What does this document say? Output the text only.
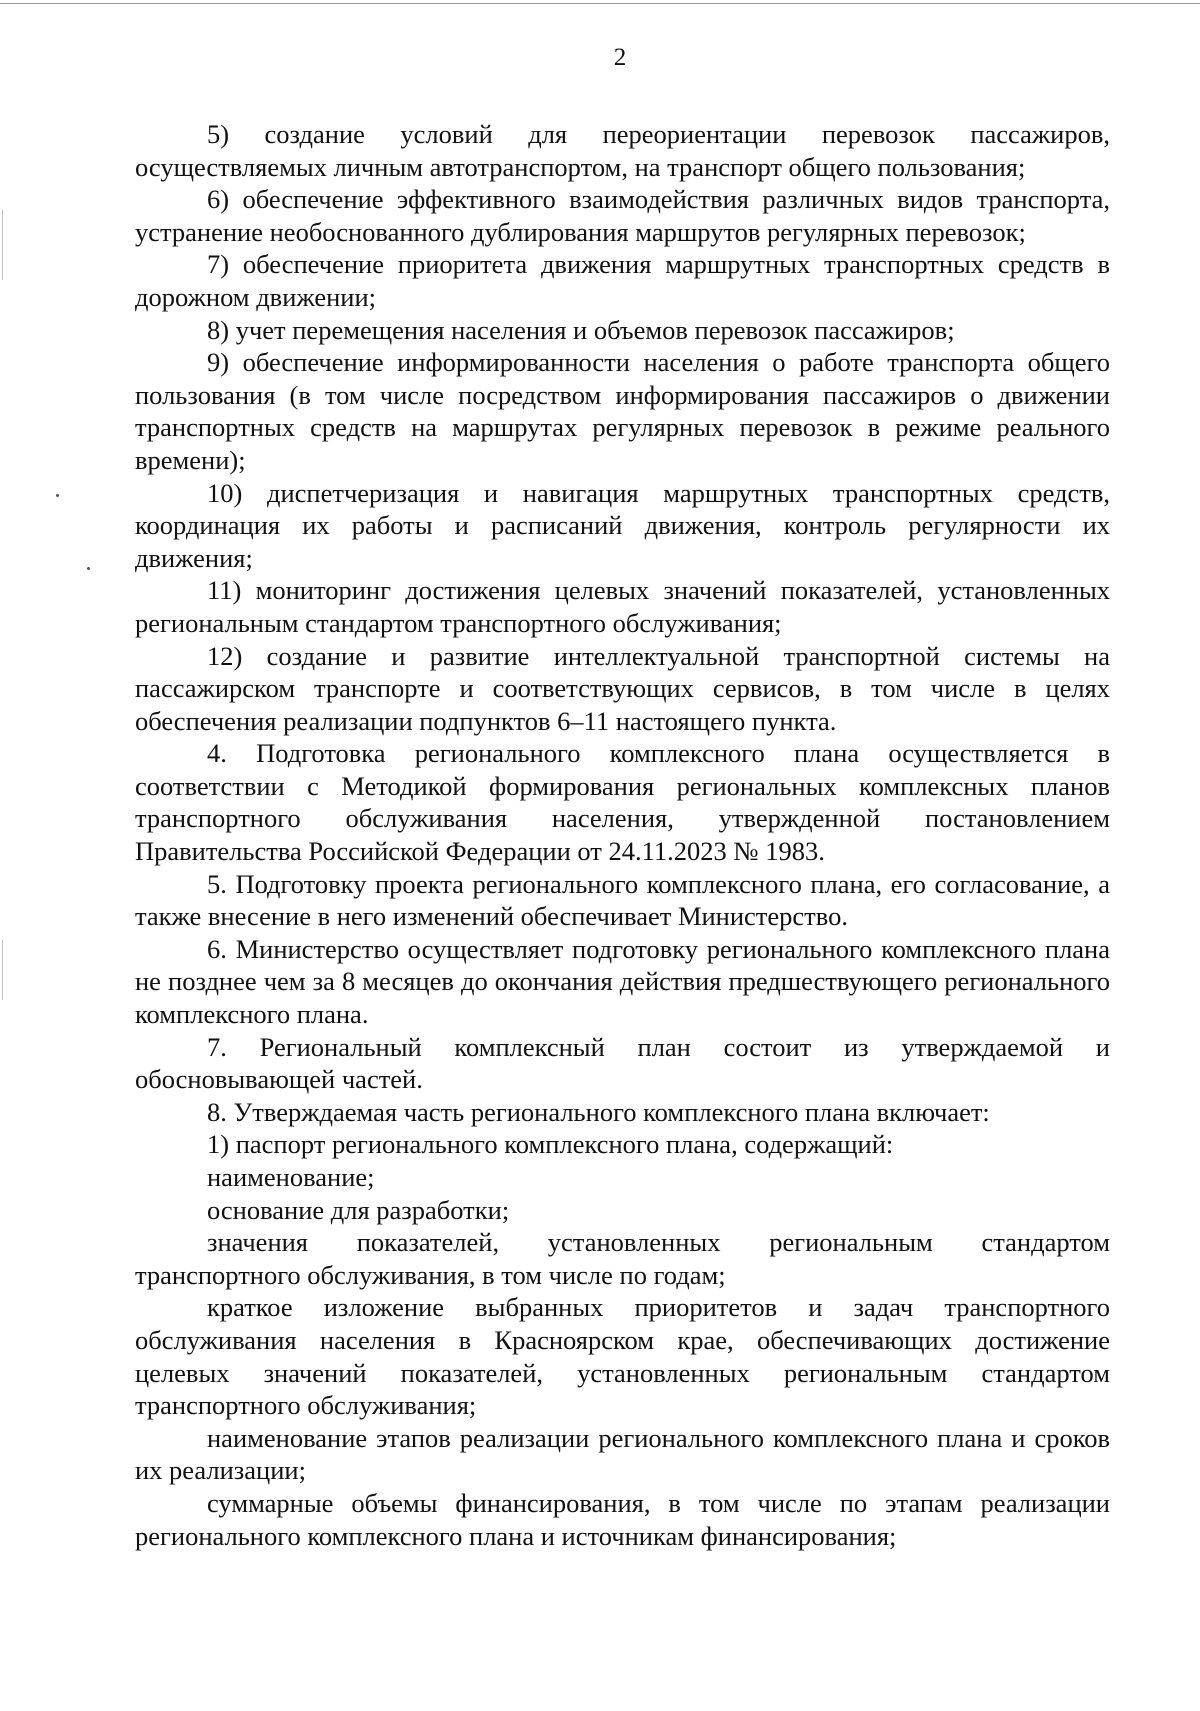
2

5) создание условий для переориентации перевозок пассажиров, осуществляемых личным автотранспортом, на транспорт общего пользования;

6) обеспечение эффективного взаимодействия различных видов транспорта, устранение необоснованного дублирования маршрутов регулярных перевозок;

7) обеспечение приоритета движения маршрутных транспортных средств в дорожном движении;

8) учет перемещения населения и объемов перевозок пассажиров;

9) обеспечение информированности населения о работе транспорта общего пользования (в том числе посредством информирования пассажиров о движении транспортных средств на маршрутах регулярных перевозок в режиме реального времени);

10) диспетчеризация и навигация маршрутных транспортных средств, координация их работы и расписаний движения, контроль регулярности их движения;

11) мониторинг достижения целевых значений показателей, установленных региональным стандартом транспортного обслуживания;

12) создание и развитие интеллектуальной транспортной системы на пассажирском транспорте и соответствующих сервисов, в том числе в целях обеспечения реализации подпунктов 6–11 настоящего пункта.

4. Подготовка регионального комплексного плана осуществляется в соответствии с Методикой формирования региональных комплексных планов транспортного обслуживания населения, утвержденной постановлением Правительства Российской Федерации от 24.11.2023 № 1983.

5. Подготовку проекта регионального комплексного плана, его согласование, а также внесение в него изменений обеспечивает Министерство.

6. Министерство осуществляет подготовку регионального комплексного плана не позднее чем за 8 месяцев до окончания действия предшествующего регионального комплексного плана.

7. Региональный комплексный план состоит из утверждаемой и обосновывающей частей.

8. Утверждаемая часть регионального комплексного плана включает:

1) паспорт регионального комплексного плана, содержащий:

наименование;

основание для разработки;

значения показателей, установленных региональным стандартом транспортного обслуживания, в том числе по годам;

краткое изложение выбранных приоритетов и задач транспортного обслуживания населения в Красноярском крае, обеспечивающих достижение целевых значений показателей, установленных региональным стандартом транспортного обслуживания;

наименование этапов реализации регионального комплексного плана и сроков их реализации;

суммарные объемы финансирования, в том числе по этапам реализации регионального комплексного плана и источникам финансирования;
